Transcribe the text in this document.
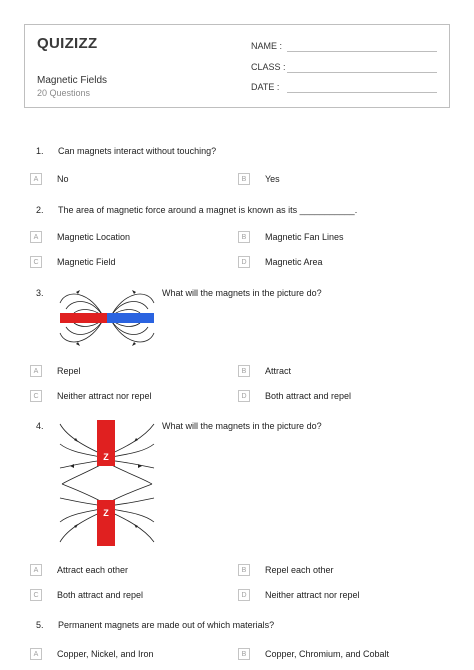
QUIZIZZ
Magnetic Fields
20 Questions
NAME :
CLASS :
DATE :
1. Can magnets interact without touching?
A	No	B	Yes
2. The area of magnetic force around a magnet is known as its ___________.
A	Magnetic Location	B	Magnetic Fan Lines
C	Magnetic Field	D	Magnetic Area
3.	What will the magnets in the picture do?
A	Repel	B	Attract
C	Neither attract nor repel	D	Both attract and repel
4.	What will the magnets in the picture do?
Z
Z
A	Attract each other	B	Repel each other
C	Both attract and repel	D	Neither attract nor repel
5. Permanent magnets are made out of which materials?
A	Copper, Nickel, and Iron	B	Copper, Chromium, and Cobalt
